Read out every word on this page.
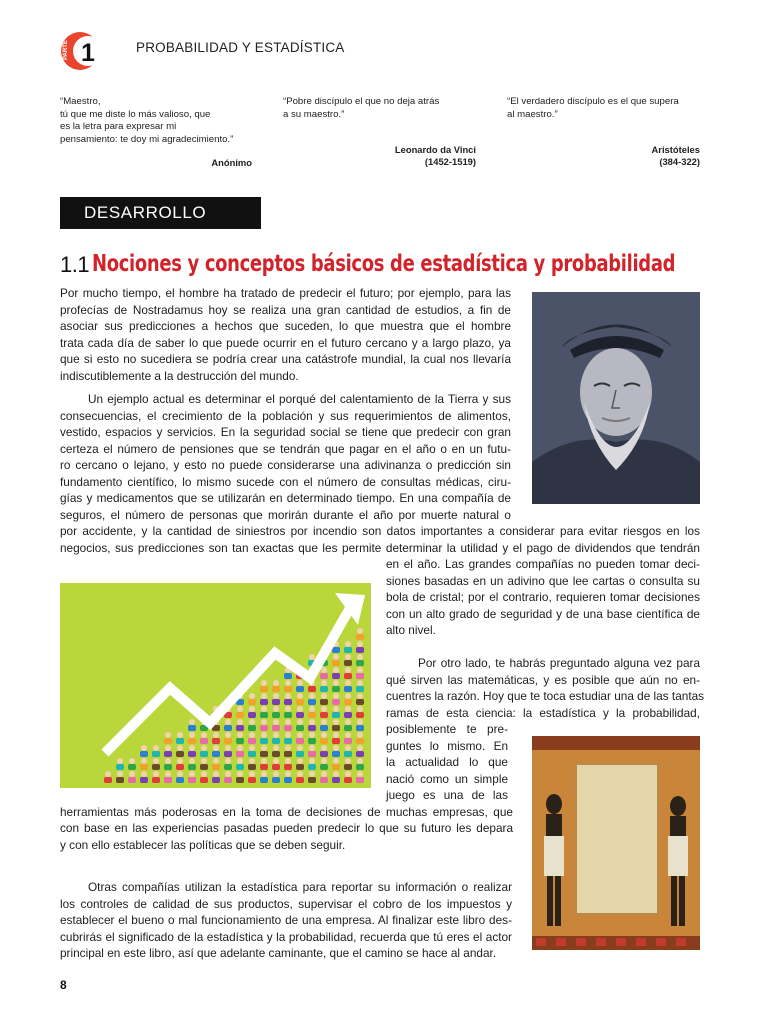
PARTE 1	PROBABILIDAD Y ESTADÍSTICA
“Maestro,
tú que me diste lo más valioso, que
es la letra para expresar mi
pensamiento: te doy mi agradecimiento.”
Anónimo
“Pobre discípulo el que no deja atrás
a su maestro.”
Leonardo da Vinci
(1452-1519)
“El verdadero discípulo es el que supera
al maestro.”
Aristóteles
(384-322)
DESARROLLO
1.1 Nociones y conceptos básicos de estadística y probabilidad
Por mucho tiempo, el hombre ha tratado de predecir el futuro; por ejemplo, para las
profecías de Nostradamus hoy se realiza una gran cantidad de estudios, a fin de
asociar sus predicciones a hechos que suceden, lo que muestra que el hombre
trata cada día de saber lo que puede ocurrir en el futuro cercano y a largo plazo, ya
que si esto no sucediera se podría crear una catástrofe mundial, la cual nos llevaría
indiscutiblemente a la destrucción del mundo.
Un ejemplo actual es determinar el porqué del calentamiento de la Tierra y sus
consecuencias, el crecimiento de la población y sus requerimientos de alimentos,
vestido, espacios y servicios. En la seguridad social se tiene que predecir con gran
certeza el número de pensiones que se tendrán que pagar en el año o en un futu-
ro cercano o lejano, y esto no puede considerarse una adivinanza o predicción sin
fundamento científico, lo mismo sucede con el número de consultas médicas, ciru-
gías y medicamentos que se utilizarán en determinado tiempo. En una compañía de
seguros, el número de personas que morirán durante el año por muerte natural o
por accidente, y la cantidad de siniestros por incendio son datos importantes a considerar para evitar riesgos en los
negocios, sus predicciones son tan exactas que les permite determinar la utilidad y el pago de dividendos que tendrán
en el año. Las grandes compañías no pueden tomar deci-
siones basadas en un adivino que lee cartas o consulta su
bola de cristal; por el contrario, requieren tomar decisiones
con un alto grado de seguridad y de una base científica de
alto nivel.
Por otro lado, te habrás preguntado alguna vez para
qué sirven las matemáticas, y es posible que aún no en-
cuentres la razón. Hoy que te toca estudiar una de las tantas
ramas de esta ciencia: la estadística y la probabilidad,
posiblemente te pre-
guntes lo mismo. En
la actualidad lo que
nació como un simple
juego es una de las
herramientas más poderosas en la toma de decisiones de muchas empresas, que
con base en las experiencias pasadas pueden predecir lo que su futuro les depara
y con ello establecer las políticas que se deben seguir.
Otras compañías utilizan la estadística para reportar su información o realizar
los controles de calidad de sus productos, supervisar el cobro de los impuestos y
establecer el bueno o mal funcionamiento de una empresa. Al finalizar este libro des-
cubrirás el significado de la estadística y la probabilidad, recuerda que tú eres el actor
principal en este libro, así que adelante caminante, que el camino se hace al andar.
8
